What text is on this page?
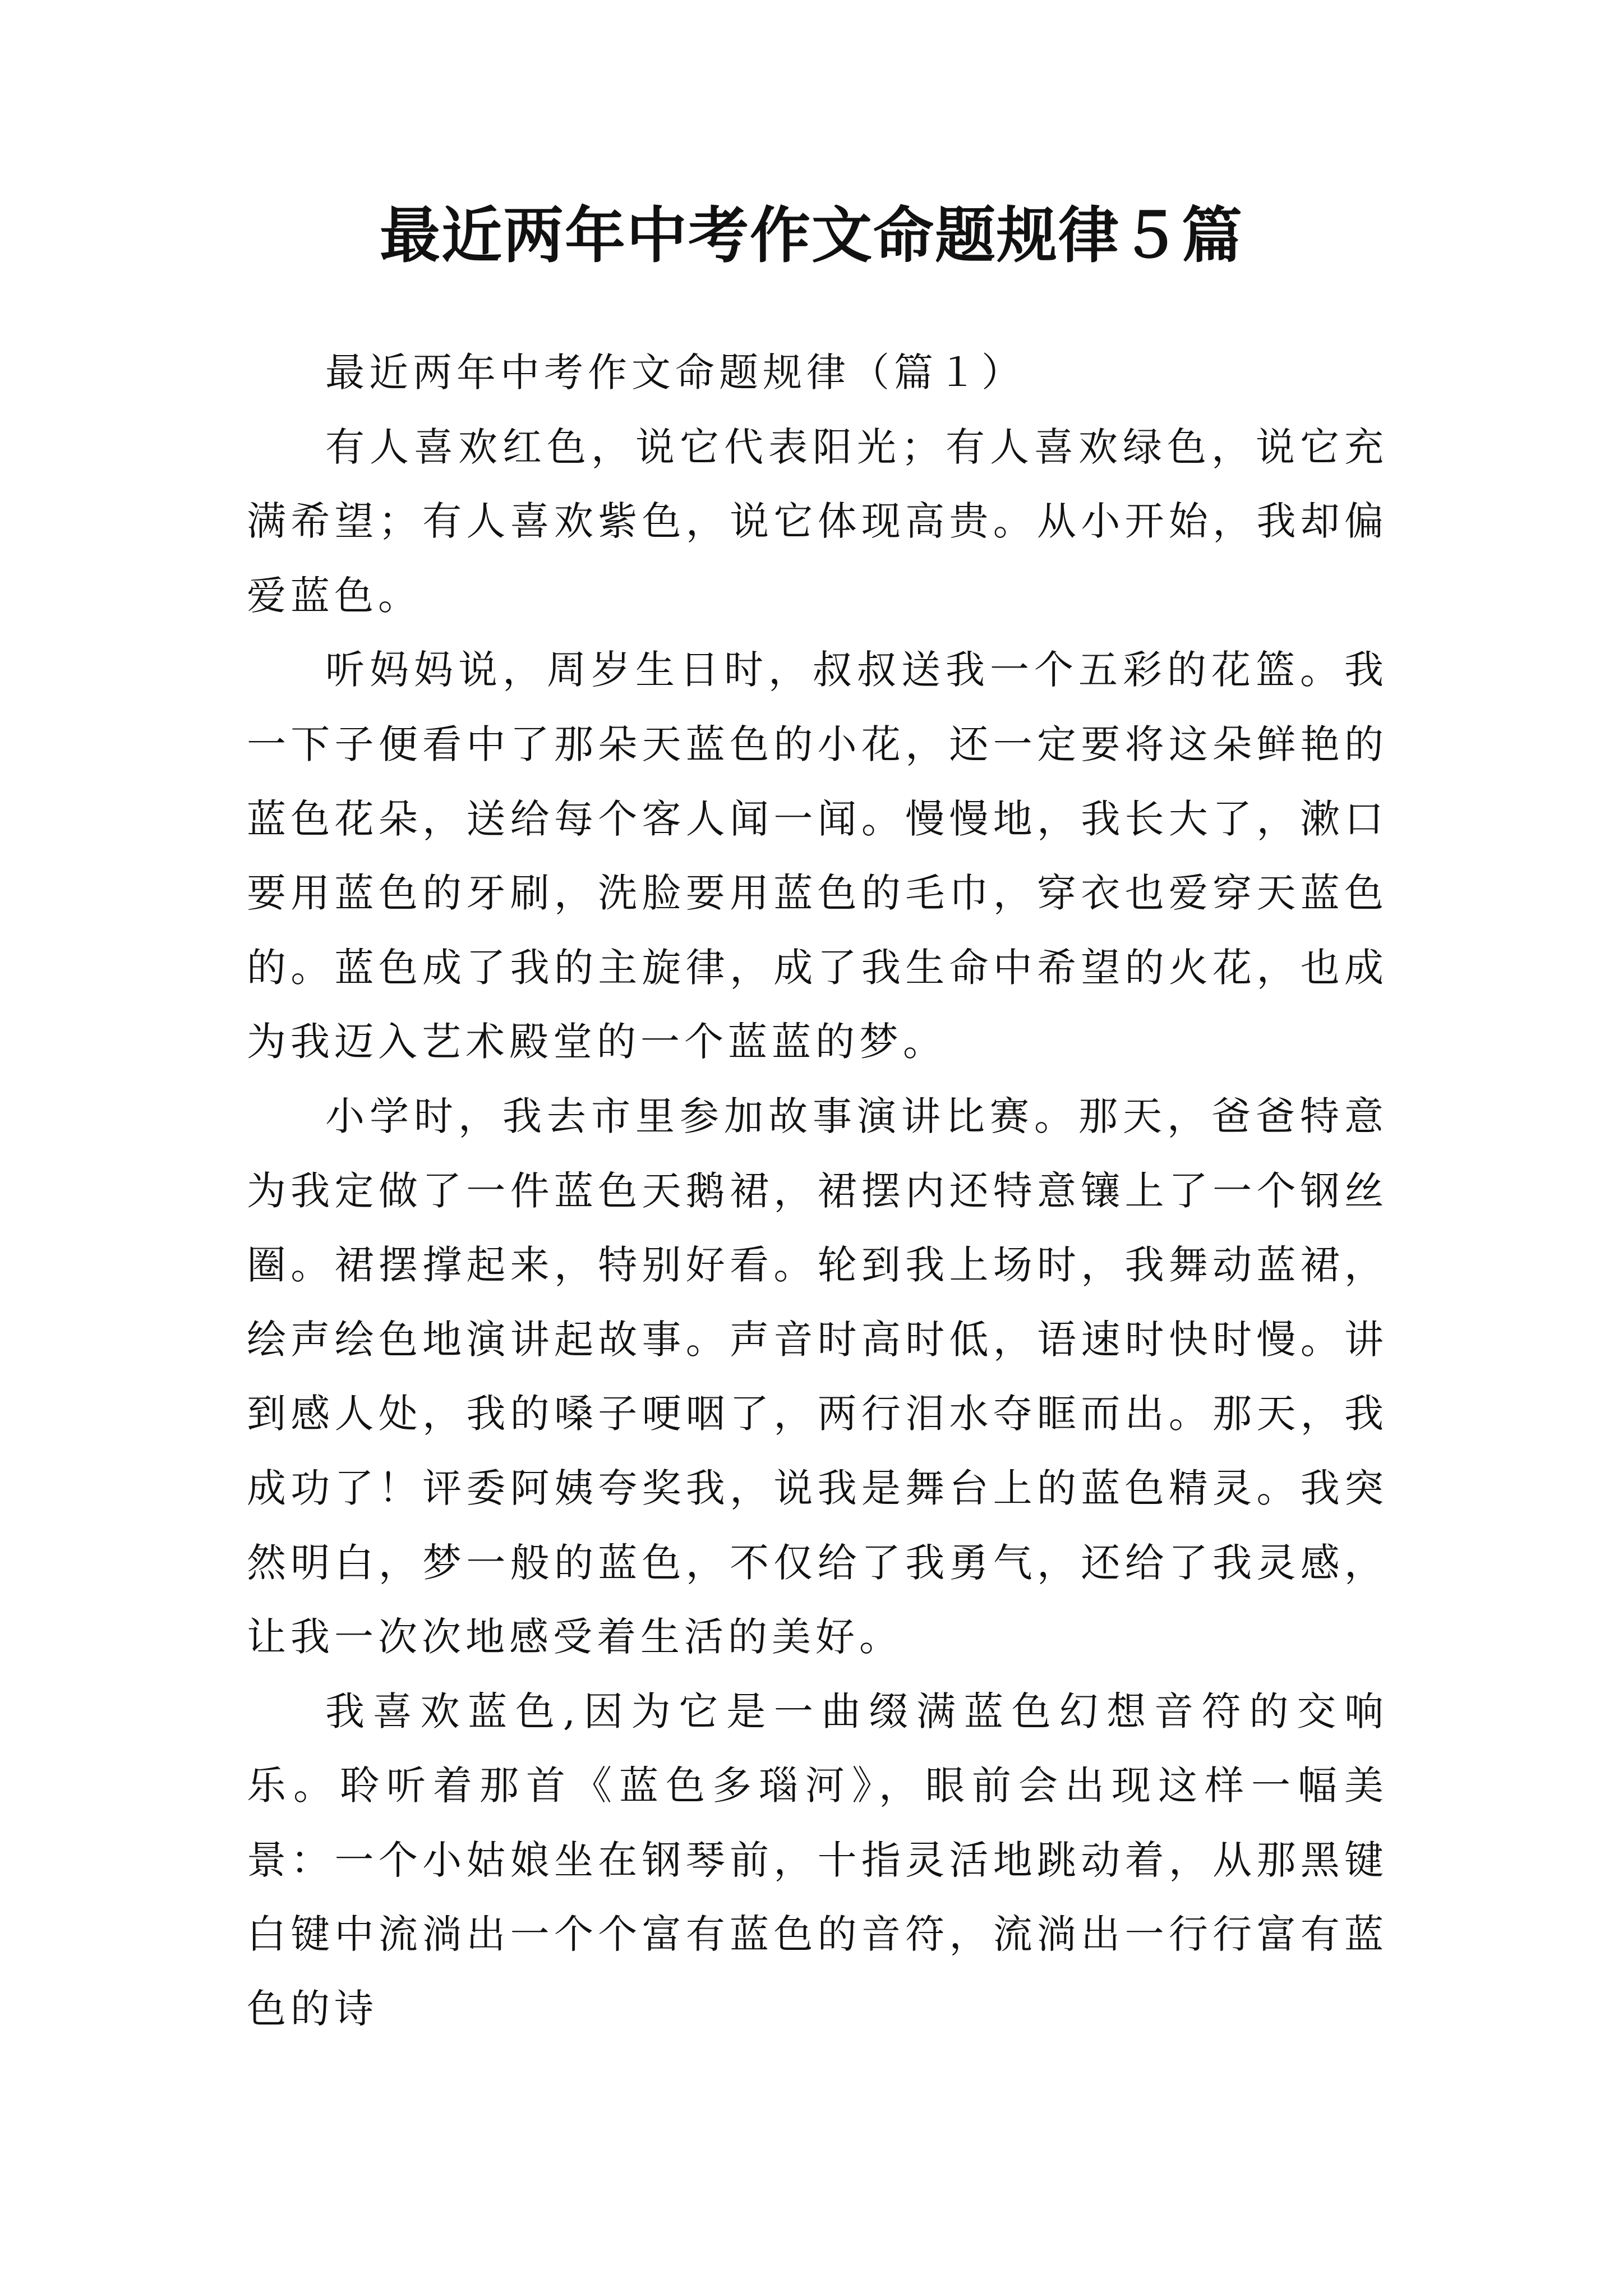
最近两年中考作文命题规律５篇

最近两年中考作文命题规律（篇１）

有人喜欢红色，说它代表阳光；有人喜欢绿色，说它充满希望；有人喜欢紫色，说它体现高贵。从小开始，我却偏爱蓝色。

听妈妈说，周岁生日时，叔叔送我一个五彩的花篮。我一下子便看中了那朵天蓝色的小花，还一定要将这朵鲜艳的蓝色花朵，送给每个客人闻一闻。慢慢地，我长大了，漱口要用蓝色的牙刷，洗脸要用蓝色的毛巾，穿衣也爱穿天蓝色的。蓝色成了我的主旋律，成了我生命中希望的火花，也成为我迈入艺术殿堂的一个蓝蓝的梦。

小学时，我去市里参加故事演讲比赛。那天，爸爸特意为我定做了一件蓝色天鹅裙，裙摆内还特意镶上了一个钢丝圈。裙摆撑起来，特别好看。轮到我上场时，我舞动蓝裙，绘声绘色地演讲起故事。声音时高时低，语速时快时慢。讲到感人处，我的嗓子哽咽了，两行泪水夺眶而出。那天，我成功了！评委阿姨夸奖我，说我是舞台上的蓝色精灵。我突然明白，梦一般的蓝色，不仅给了我勇气，还给了我灵感，让我一次次地感受着生活的美好。

我喜欢蓝色,因为它是一曲缀满蓝色幻想音符的交响乐。聆听着那首《蓝色多瑙河》，眼前会出现这样一幅美景：一个小姑娘坐在钢琴前，十指灵活地跳动着，从那黑键白键中流淌出一个个富有蓝色的音符，流淌出一行行富有蓝色的诗
